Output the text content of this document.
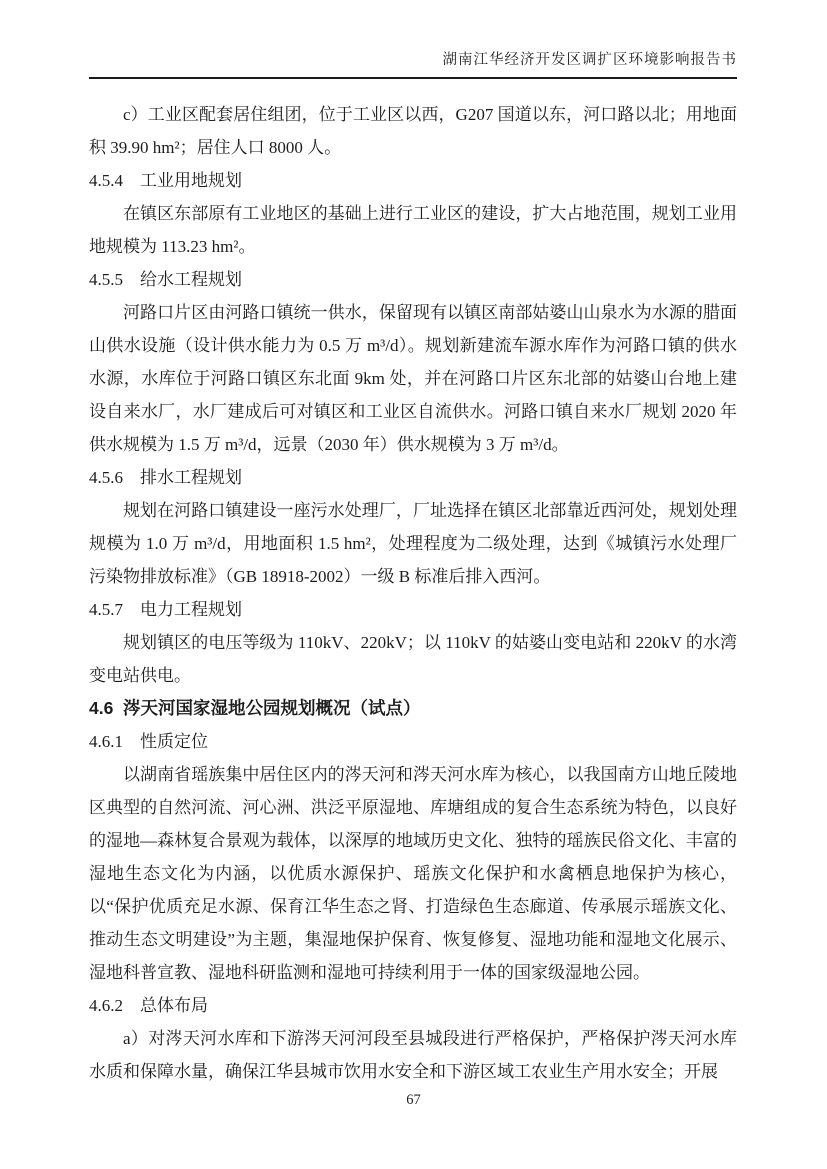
湖南江华经济开发区调扩区环境影响报告书

c）工业区配套居住组团，位于工业区以西，G207 国道以东，河口路以北；用地面积 39.90 hm²；居住人口 8000 人。

4.5.4 工业用地规划

在镇区东部原有工业地区的基础上进行工业区的建设，扩大占地范围，规划工业用地规模为 113.23 hm²。

4.5.5 给水工程规划

河路口片区由河路口镇统一供水，保留现有以镇区南部姑婆山山泉水为水源的腊面山供水设施（设计供水能力为 0.5 万 m³/d）。规划新建流车源水库作为河路口镇的供水水源，水库位于河路口镇区东北面 9km 处，并在河路口片区东北部的姑婆山台地上建设自来水厂，水厂建成后可对镇区和工业区自流供水。河路口镇自来水厂规划 2020 年供水规模为 1.5 万 m³/d，远景（2030 年）供水规模为 3 万 m³/d。

4.5.6 排水工程规划

规划在河路口镇建设一座污水处理厂，厂址选择在镇区北部靠近西河处，规划处理规模为 1.0 万 m³/d，用地面积 1.5 hm²，处理程度为二级处理，达到《城镇污水处理厂污染物排放标准》（GB 18918-2002）一级 B 标准后排入西河。

4.5.7 电力工程规划

规划镇区的电压等级为 110kV、220kV；以 110kV 的姑婆山变电站和 220kV 的水湾变电站供电。

4.6 涔天河国家湿地公园规划概况（试点）
4.6.1 性质定位

以湖南省瑶族集中居住区内的涔天河和涔天河水库为核心，以我国南方山地丘陵地区典型的自然河流、河心洲、洪泛平原湿地、库塘组成的复合生态系统为特色，以良好的湿地—森林复合景观为载体，以深厚的地域历史文化、独特的瑶族民俗文化、丰富的湿地生态文化为内涵，以优质水源保护、瑶族文化保护和水禽栖息地保护为核心，以“保护优质充足水源、保育江华生态之肾、打造绿色生态廊道、传承展示瑶族文化、推动生态文明建设”为主题，集湿地保护保育、恢复修复、湿地功能和湿地文化展示、湿地科普宣教、湿地科研监测和湿地可持续利用于一体的国家级湿地公园。

4.6.2 总体布局

a）对涔天河水库和下游涔天河河段至县城段进行严格保护，严格保护涔天河水库水质和保障水量，确保江华县城市饮用水安全和下游区域工农业生产用水安全；开展

67
